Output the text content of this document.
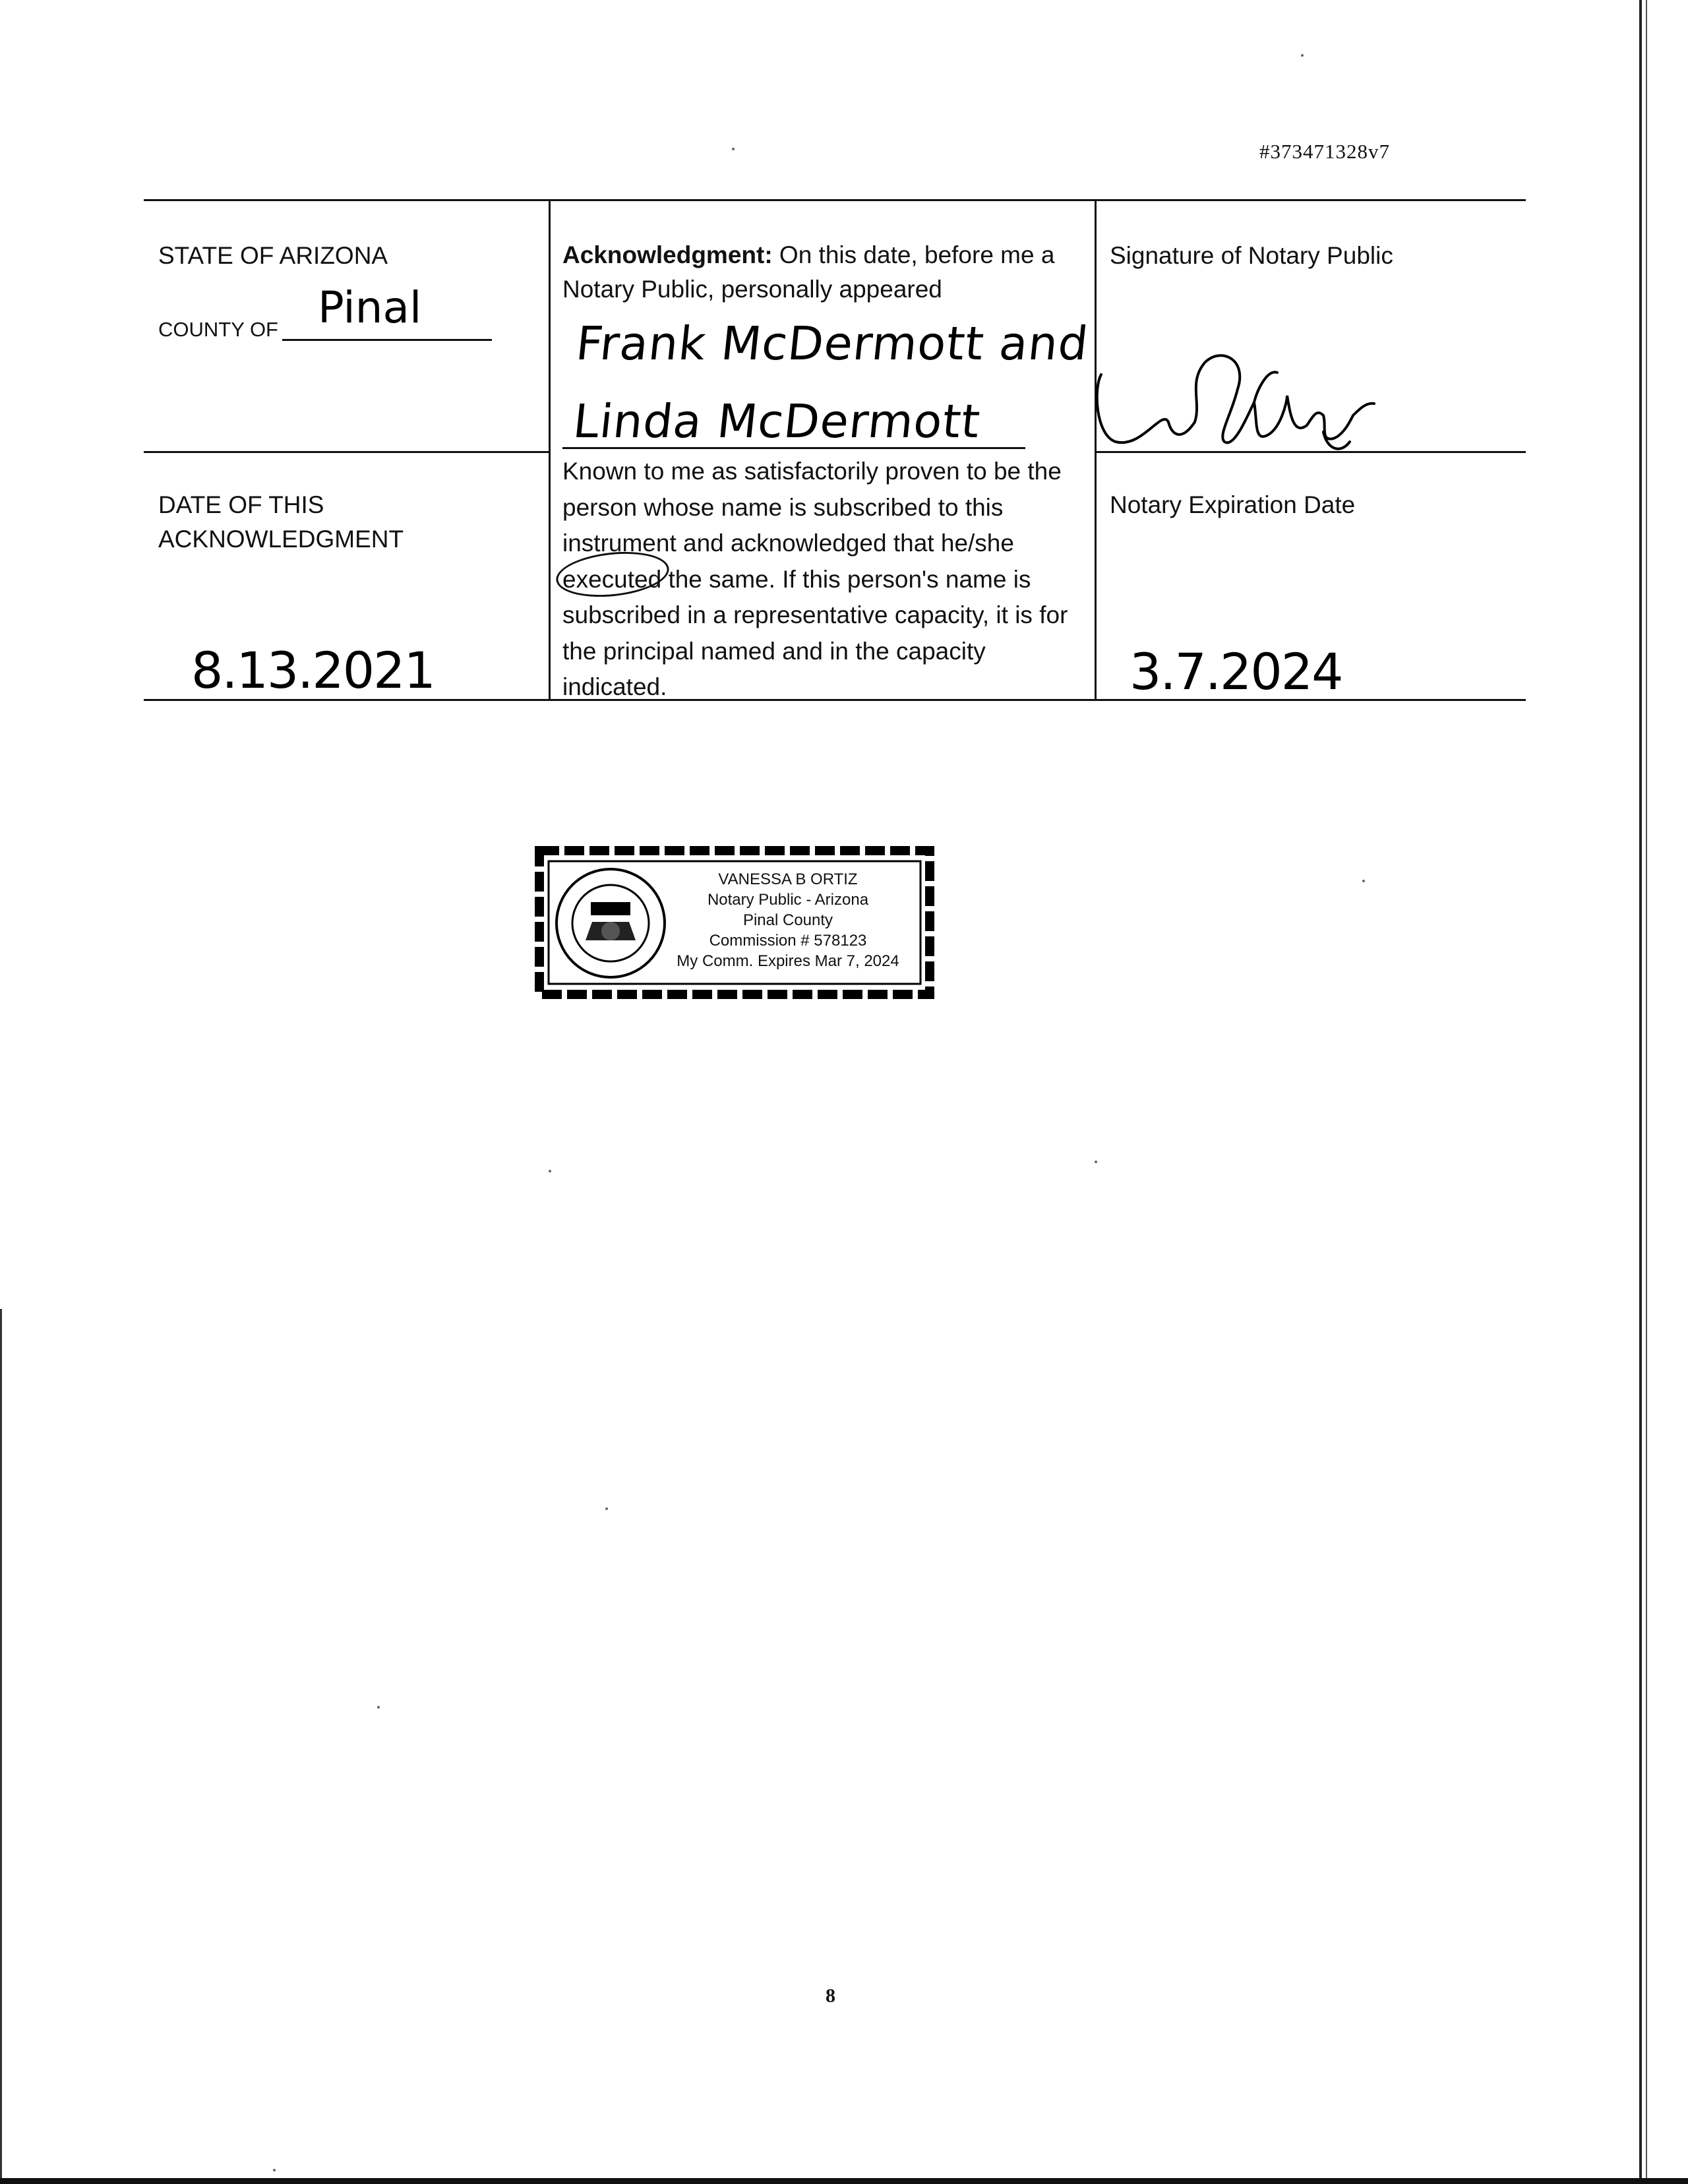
#373471328v7
STATE OF ARIZONA
COUNTY OF Pinal
DATE OF THIS ACKNOWLEDGMENT
8.13.2021
Acknowledgment: On this date, before me a Notary Public, personally appeared
Frank McDermott and
Linda McDermott
Known to me as satisfactorily proven to be the person whose name is subscribed to this instrument and acknowledged that he/she executed the same. If this person's name is subscribed in a representative capacity, it is for the principal named and in the capacity indicated.
Signature of Notary Public
Notary Expiration Date
3.7.2024
VANESSA B ORTIZ
Notary Public - Arizona
Pinal County
Commission # 578123
My Comm. Expires Mar 7, 2024
8
